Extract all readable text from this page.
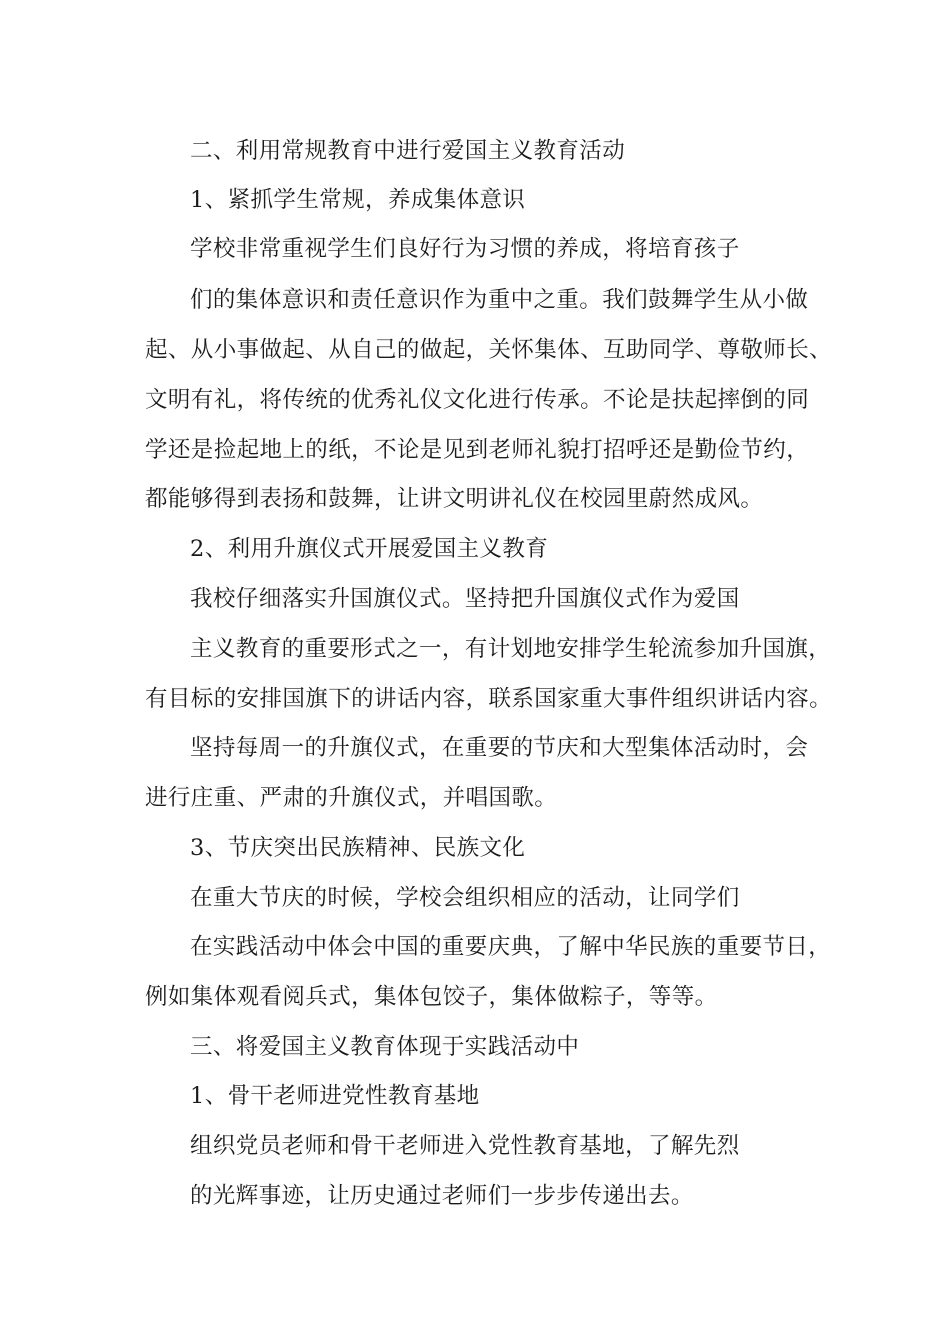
二、利用常规教育中进行爱国主义教育活动
1、紧抓学生常规，养成集体意识
学校非常重视学生们良好行为习惯的养成，将培育孩子
们的集体意识和责任意识作为重中之重。我们鼓舞学生从小做
起、从小事做起、从自己的做起，关怀集体、互助同学、尊敬师长、
文明有礼，将传统的优秀礼仪文化进行传承。不论是扶起摔倒的同
学还是捡起地上的纸，不论是见到老师礼貌打招呼还是勤俭节约，
都能够得到表扬和鼓舞，让讲文明讲礼仪在校园里蔚然成风。
2、利用升旗仪式开展爱国主义教育
我校仔细落实升国旗仪式。坚持把升国旗仪式作为爱国
主义教育的重要形式之一，有计划地安排学生轮流参加升国旗，
有目标的安排国旗下的讲话内容，联系国家重大事件组织讲话内容。
坚持每周一的升旗仪式，在重要的节庆和大型集体活动时，会
进行庄重、严肃的升旗仪式，并唱国歌。
3、节庆突出民族精神、民族文化
在重大节庆的时候，学校会组织相应的活动，让同学们
在实践活动中体会中国的重要庆典，了解中华民族的重要节日，
例如集体观看阅兵式，集体包饺子，集体做粽子，等等。
三、将爱国主义教育体现于实践活动中
1、骨干老师进党性教育基地
组织党员老师和骨干老师进入党性教育基地，了解先烈
的光辉事迹，让历史通过老师们一步步传递出去。
